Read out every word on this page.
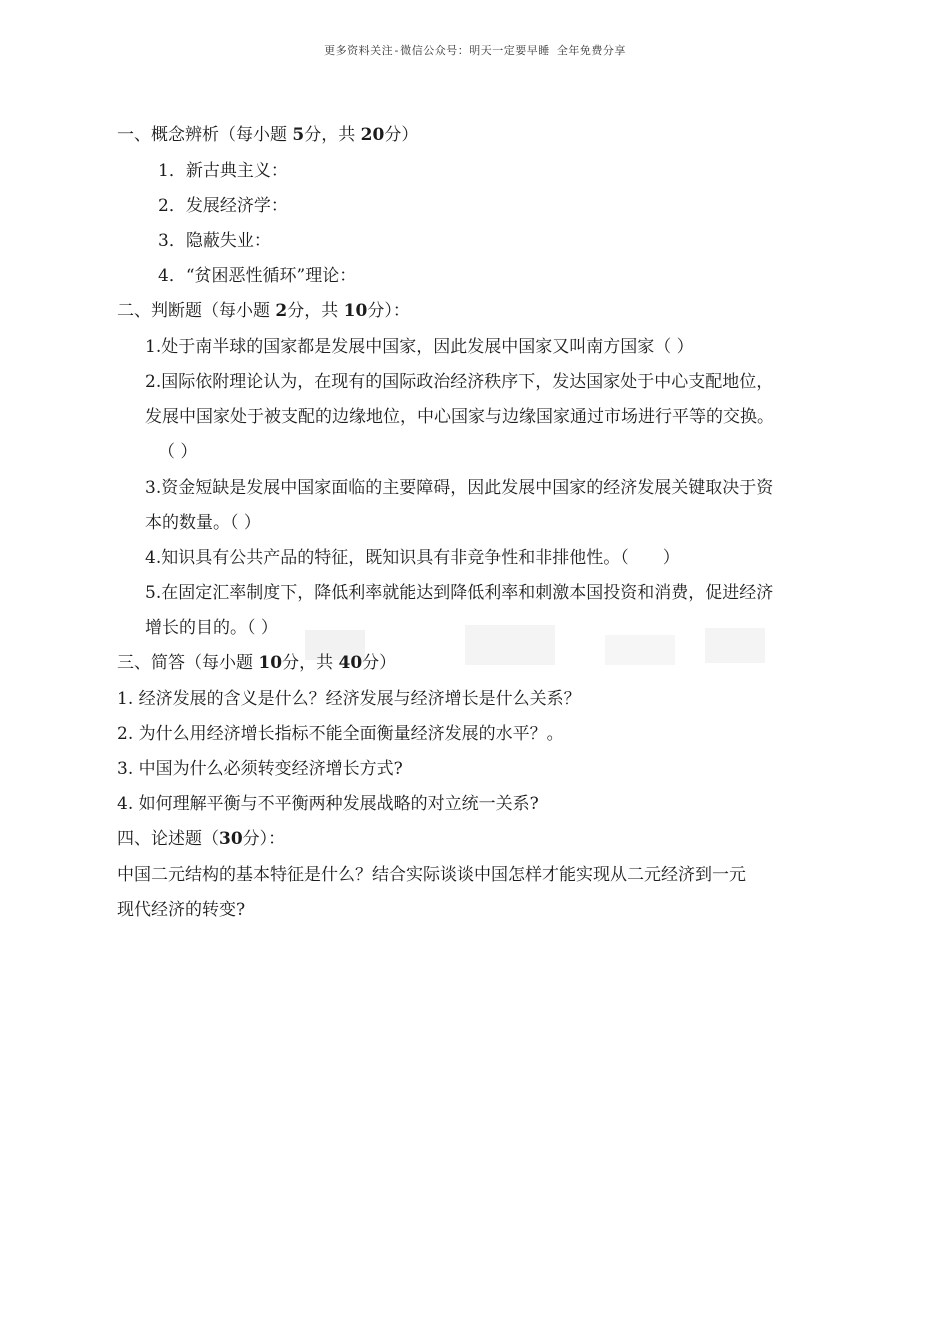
更多资料关注-微信公众号：明天一定要早睡 全年免费分享
一、概念辨析（每小题 5分，共 20分）
1．新古典主义：
2．发展经济学：
3．隐蔽失业：
4．“贫困恶性循环”理论：
二、判断题（每小题 2分，共 10分）：
1.处于南半球的国家都是发展中国家，因此发展中国家又叫南方国家（ ）
2.国际依附理论认为，在现有的国际政治经济秩序下，发达国家处于中心支配地位，
发展中国家处于被支配的边缘地位，中心国家与边缘国家通过市场进行平等的交换。
（ ）
3.资金短缺是发展中国家面临的主要障碍，因此发展中国家的经济发展关键取决于资
本的数量。（ ）
4.知识具有公共产品的特征，既知识具有非竞争性和非排他性。（　　）
5.在固定汇率制度下，降低利率就能达到降低利率和刺激本国投资和消费，促进经济
增长的目的。（ ）
三、简答（每小题 10分，共 40分）
1. 经济发展的含义是什么？经济发展与经济增长是什么关系？
2. 为什么用经济增长指标不能全面衡量经济发展的水平？。
3. 中国为什么必须转变经济增长方式?
4. 如何理解平衡与不平衡两种发展战略的对立统一关系?
四、论述题（30分）：
中国二元结构的基本特征是什么？结合实际谈谈中国怎样才能实现从二元经济到一元
现代经济的转变?
